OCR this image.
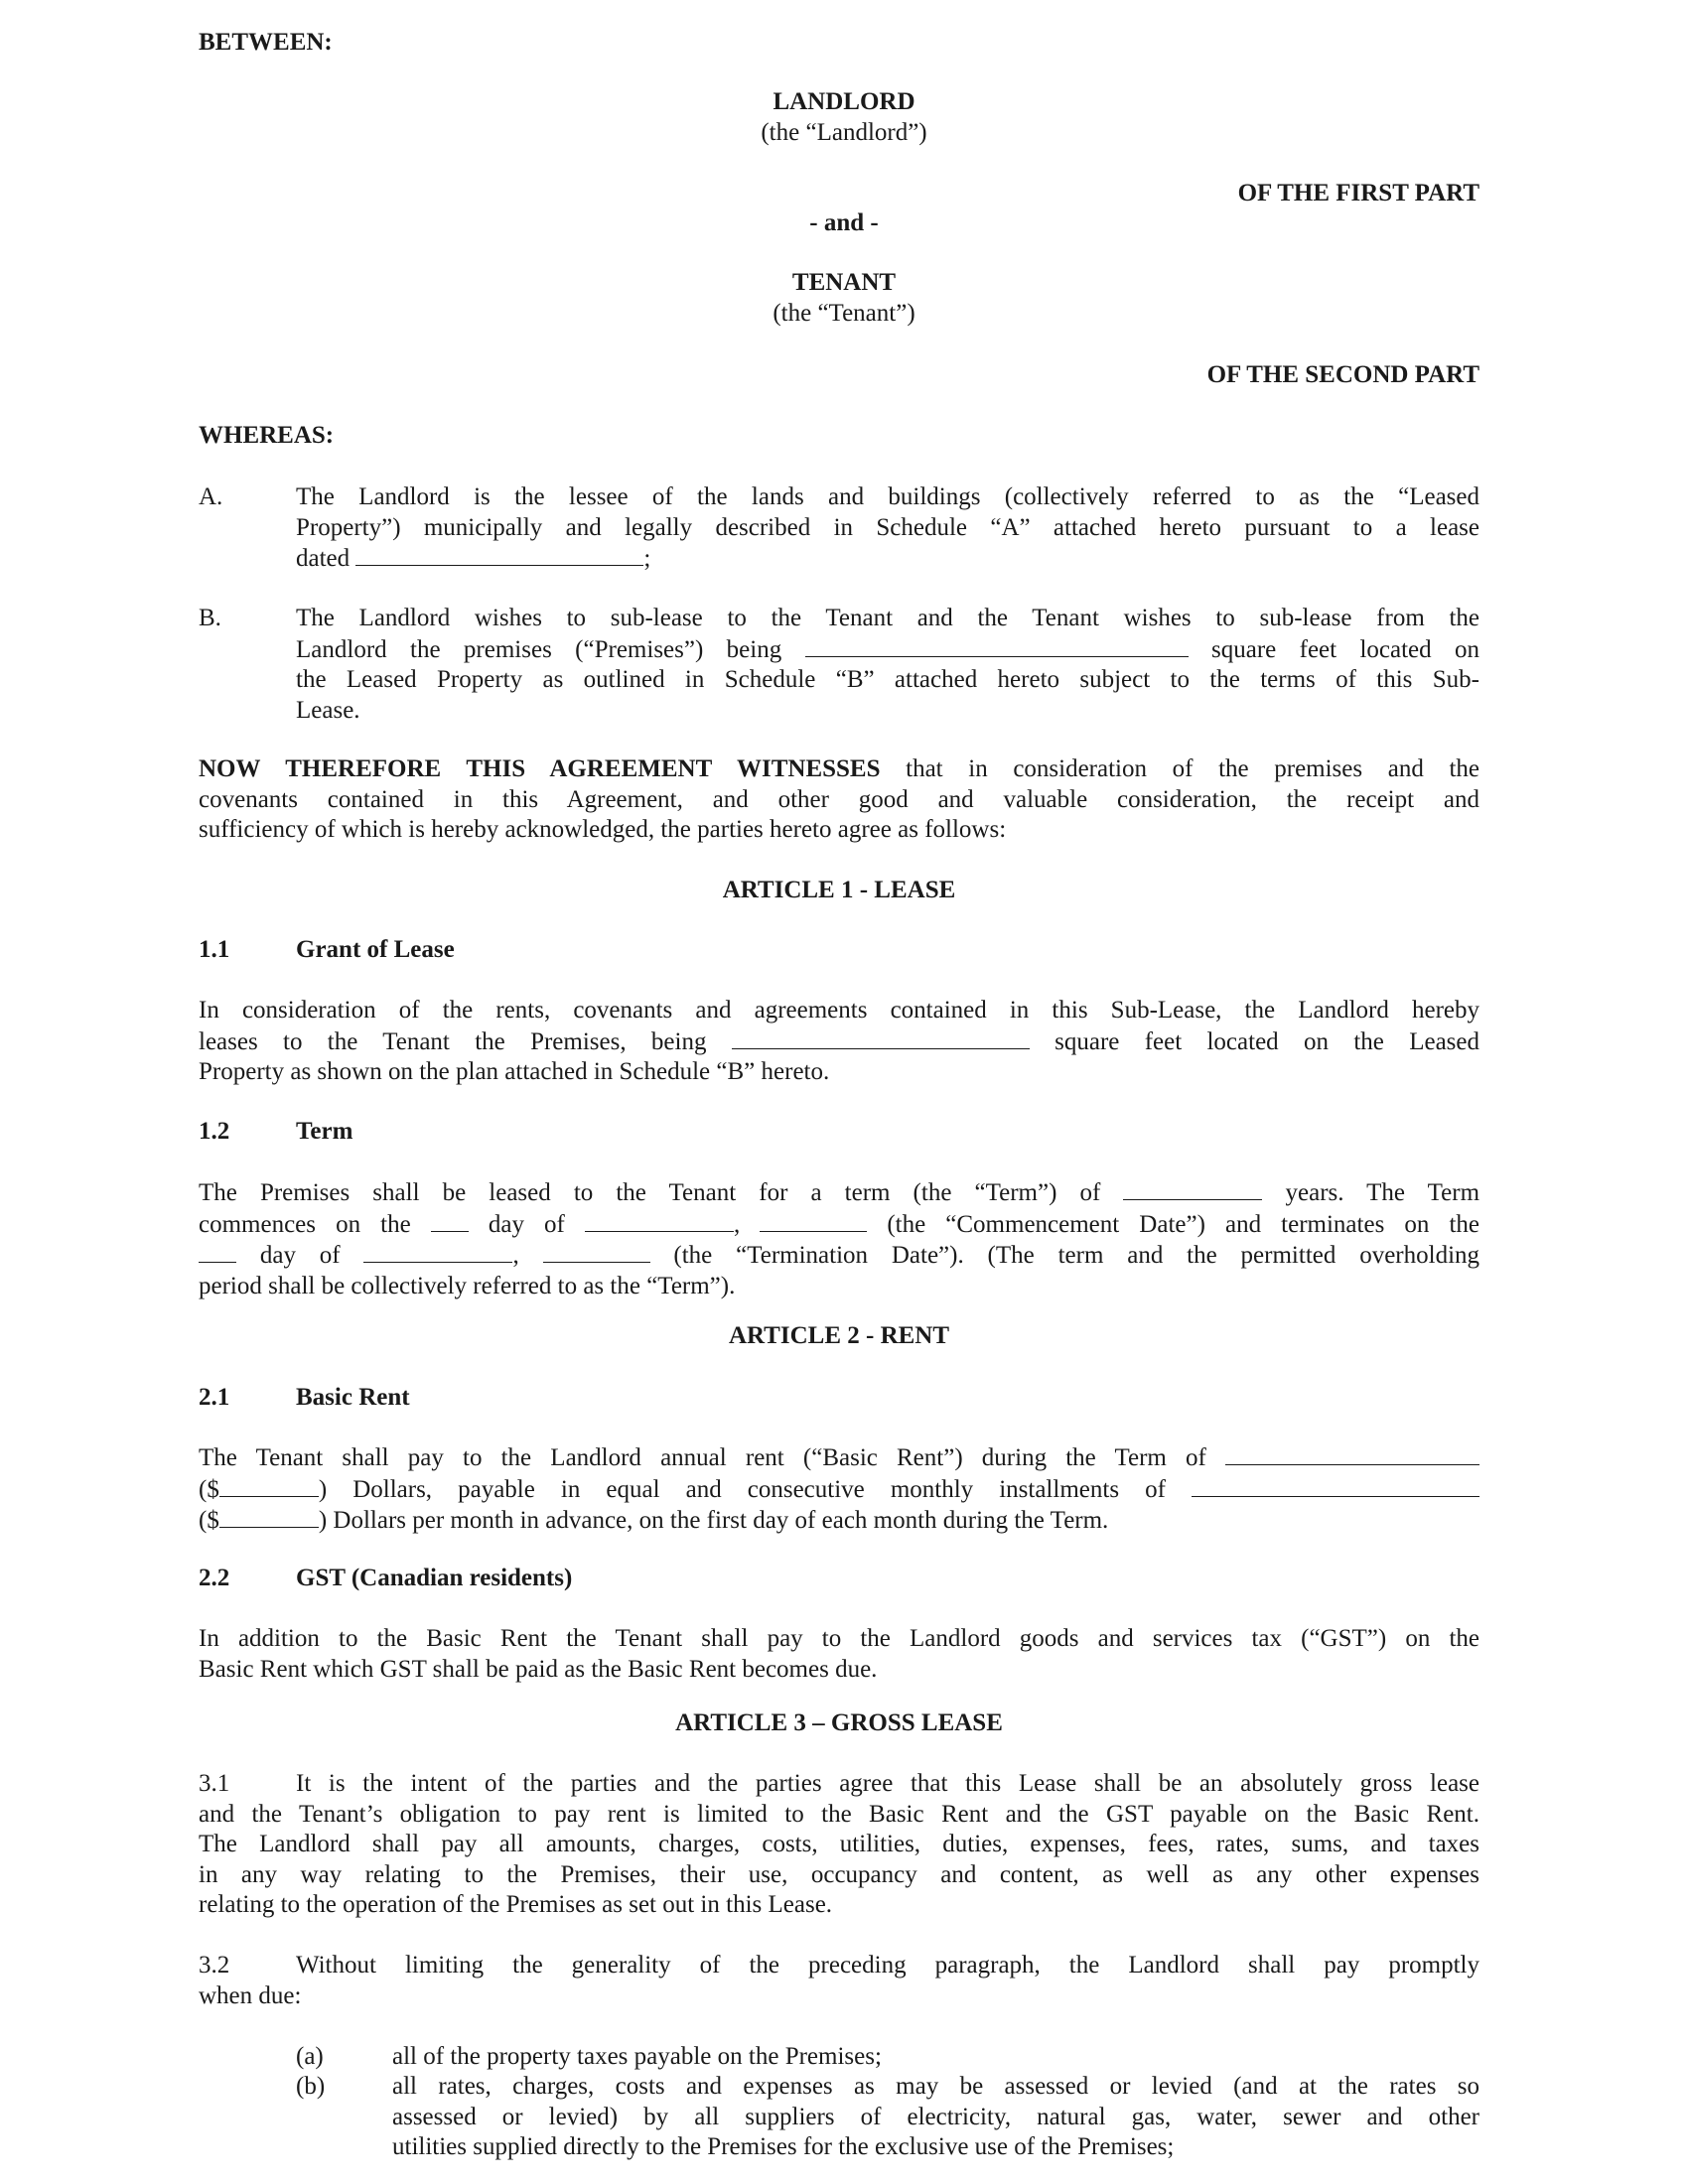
BETWEEN:
LANDLORD
(the “Landlord”)
OF THE FIRST PART
- and -
TENANT
(the “Tenant”)
OF THE SECOND PART
WHEREAS:
A.	The Landlord is the lessee of the lands and buildings (collectively referred to as the “Leased
Property”) municipally and legally described in Schedule “A” attached hereto pursuant to a lease
dated	;
B.	The Landlord wishes to sub-lease to the Tenant and the Tenant wishes to sub-lease from the
Landlord the premises (“Premises”) being	square feet located on
the Leased Property as outlined in Schedule “B” attached hereto subject to the terms of this Sub-
Lease.
NOW THEREFORE THIS AGREEMENT WITNESSES that in consideration of the premises and the
covenants contained in this Agreement, and other good and valuable consideration, the receipt and
sufficiency of which is hereby acknowledged, the parties hereto agree as follows:
ARTICLE 1 - LEASE
1.1	Grant of Lease
In consideration of the rents, covenants and agreements contained in this Sub-Lease, the Landlord hereby
leases to the Tenant the Premises, being	square feet located on the Leased
Property as shown on the plan attached in Schedule “B” hereto.
1.2	Term
The Premises shall be leased to the Tenant for a term (the “Term”) of	years. The Term
commences on the	day of	,	(the “Commencement Date”) and terminates on the
day of	,	(the “Termination Date”). (The term and the permitted overholding
period shall be collectively referred to as the “Term”).
ARTICLE 2 - RENT
2.1	Basic Rent
The Tenant shall pay to the Landlord annual rent (“Basic Rent”) during the Term of
($	) Dollars, payable in equal and consecutive monthly installments of
($	) Dollars per month in advance, on the first day of each month during the Term.
2.2	GST (Canadian residents)
In addition to the Basic Rent the Tenant shall pay to the Landlord goods and services tax (“GST”) on the
Basic Rent which GST shall be paid as the Basic Rent becomes due.
ARTICLE 3 – GROSS LEASE
3.1	It is the intent of the parties and the parties agree that this Lease shall be an absolutely gross lease
and the Tenant’s obligation to pay rent is limited to the Basic Rent and the GST payable on the Basic Rent.
The Landlord shall pay all amounts, charges, costs, utilities, duties, expenses, fees, rates, sums, and taxes
in any way relating to the Premises, their use, occupancy and content, as well as any other expenses
relating to the operation of the Premises as set out in this Lease.
3.2	Without limiting the generality of the preceding paragraph, the Landlord shall pay promptly
when due:
(a)	all of the property taxes payable on the Premises;
(b)	all rates, charges, costs and expenses as may be assessed or levied (and at the rates so
assessed or levied) by all suppliers of electricity, natural gas, water, sewer and other
utilities supplied directly to the Premises for the exclusive use of the Premises;
